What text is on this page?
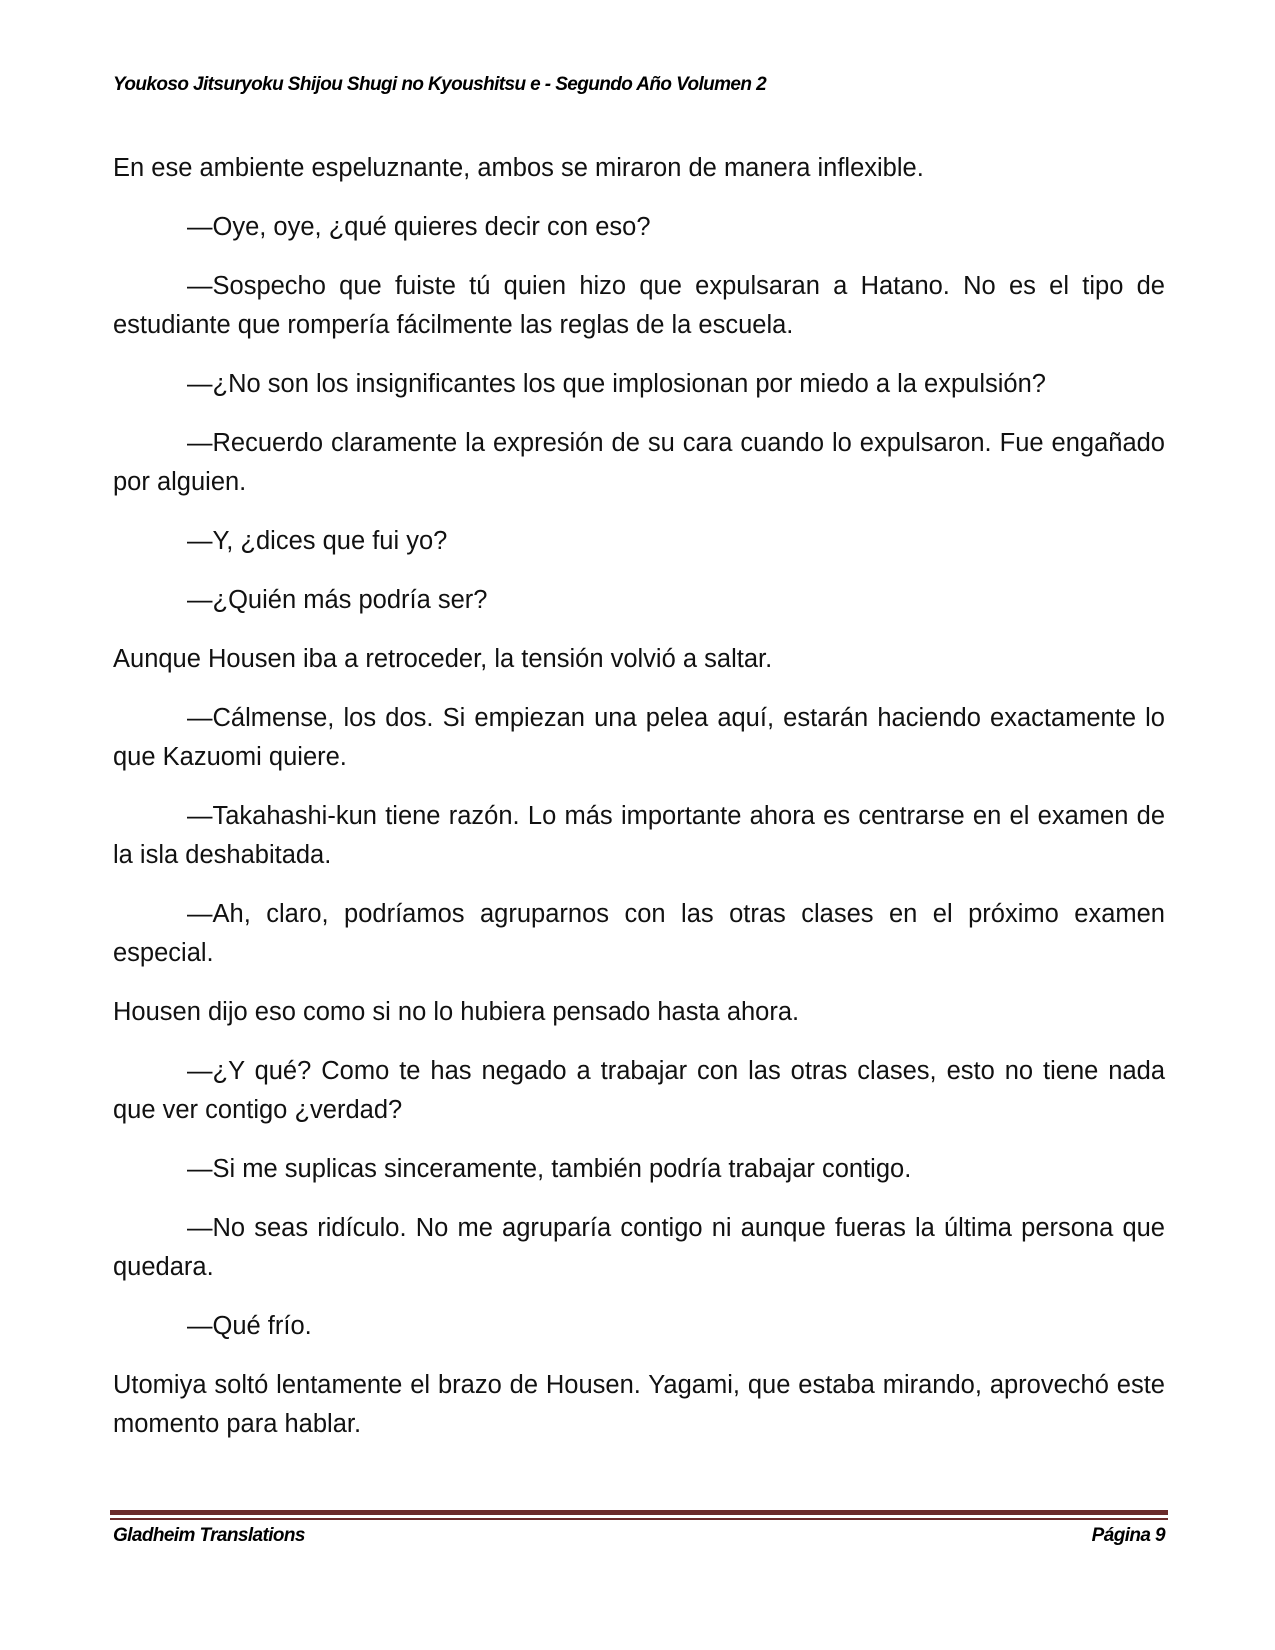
Youkoso Jitsuryoku Shijou Shugi no Kyoushitsu e - Segundo Año Volumen 2

En ese ambiente espeluznante, ambos se miraron de manera inflexible.

—Oye, oye, ¿qué quieres decir con eso?

—Sospecho que fuiste tú quien hizo que expulsaran a Hatano. No es el tipo de estudiante que rompería fácilmente las reglas de la escuela.

—¿No son los insignificantes los que implosionan por miedo a la expulsión?

—Recuerdo claramente la expresión de su cara cuando lo expulsaron. Fue engañado por alguien.

—Y, ¿dices que fui yo?

—¿Quién más podría ser?

Aunque Housen iba a retroceder, la tensión volvió a saltar.

—Cálmense, los dos. Si empiezan una pelea aquí, estarán haciendo exactamente lo que Kazuomi quiere.

—Takahashi-kun tiene razón. Lo más importante ahora es centrarse en el examen de la isla deshabitada.

—Ah, claro, podríamos agruparnos con las otras clases en el próximo examen especial.

Housen dijo eso como si no lo hubiera pensado hasta ahora.

—¿Y qué? Como te has negado a trabajar con las otras clases, esto no tiene nada que ver contigo ¿verdad?

—Si me suplicas sinceramente, también podría trabajar contigo.

—No seas ridículo. No me agruparía contigo ni aunque fueras la última persona que quedara.

—Qué frío.

Utomiya soltó lentamente el brazo de Housen. Yagami, que estaba mirando, aprovechó este momento para hablar.

Gladheim Translations	Página 9
